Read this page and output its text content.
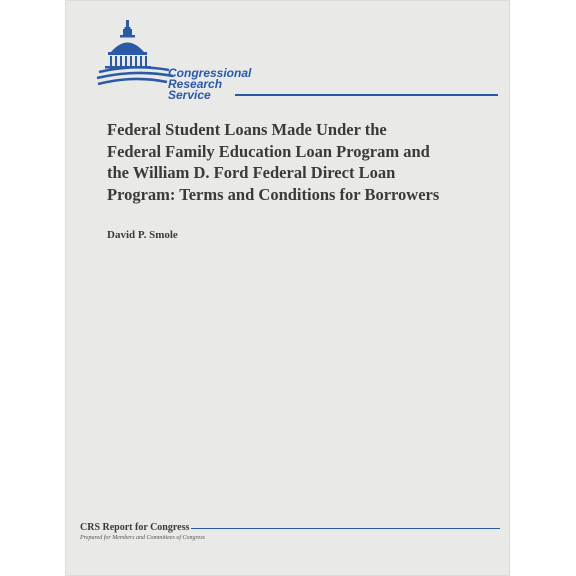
Congressional
Research
Service
Federal Student Loans Made Under the
Federal Family Education Loan Program and
the William D. Ford Federal Direct Loan
Program: Terms and Conditions for Borrowers
David P. Smole
CRS Report for Congress
Prepared for Members and Committees of Congress
